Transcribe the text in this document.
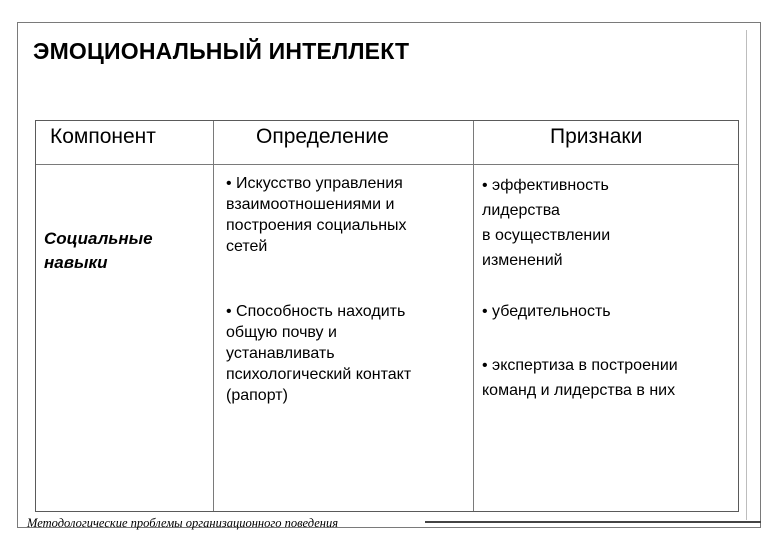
ЭМОЦИОНАЛЬНЫЙ ИНТЕЛЛЕКТ
Компонент	Определение	Признаки
Социальные
навыки
• Искусство управления
взаимоотношениями и
построения социальных
сетей
• Способность находить
общую почву и
устанавливать
психологический контакт
(рапорт)
• эффективность
лидерства
в осуществлении
изменений
• убедительность
• экспертиза в построении
команд и лидерства в них
Методологические проблемы организационного поведения
